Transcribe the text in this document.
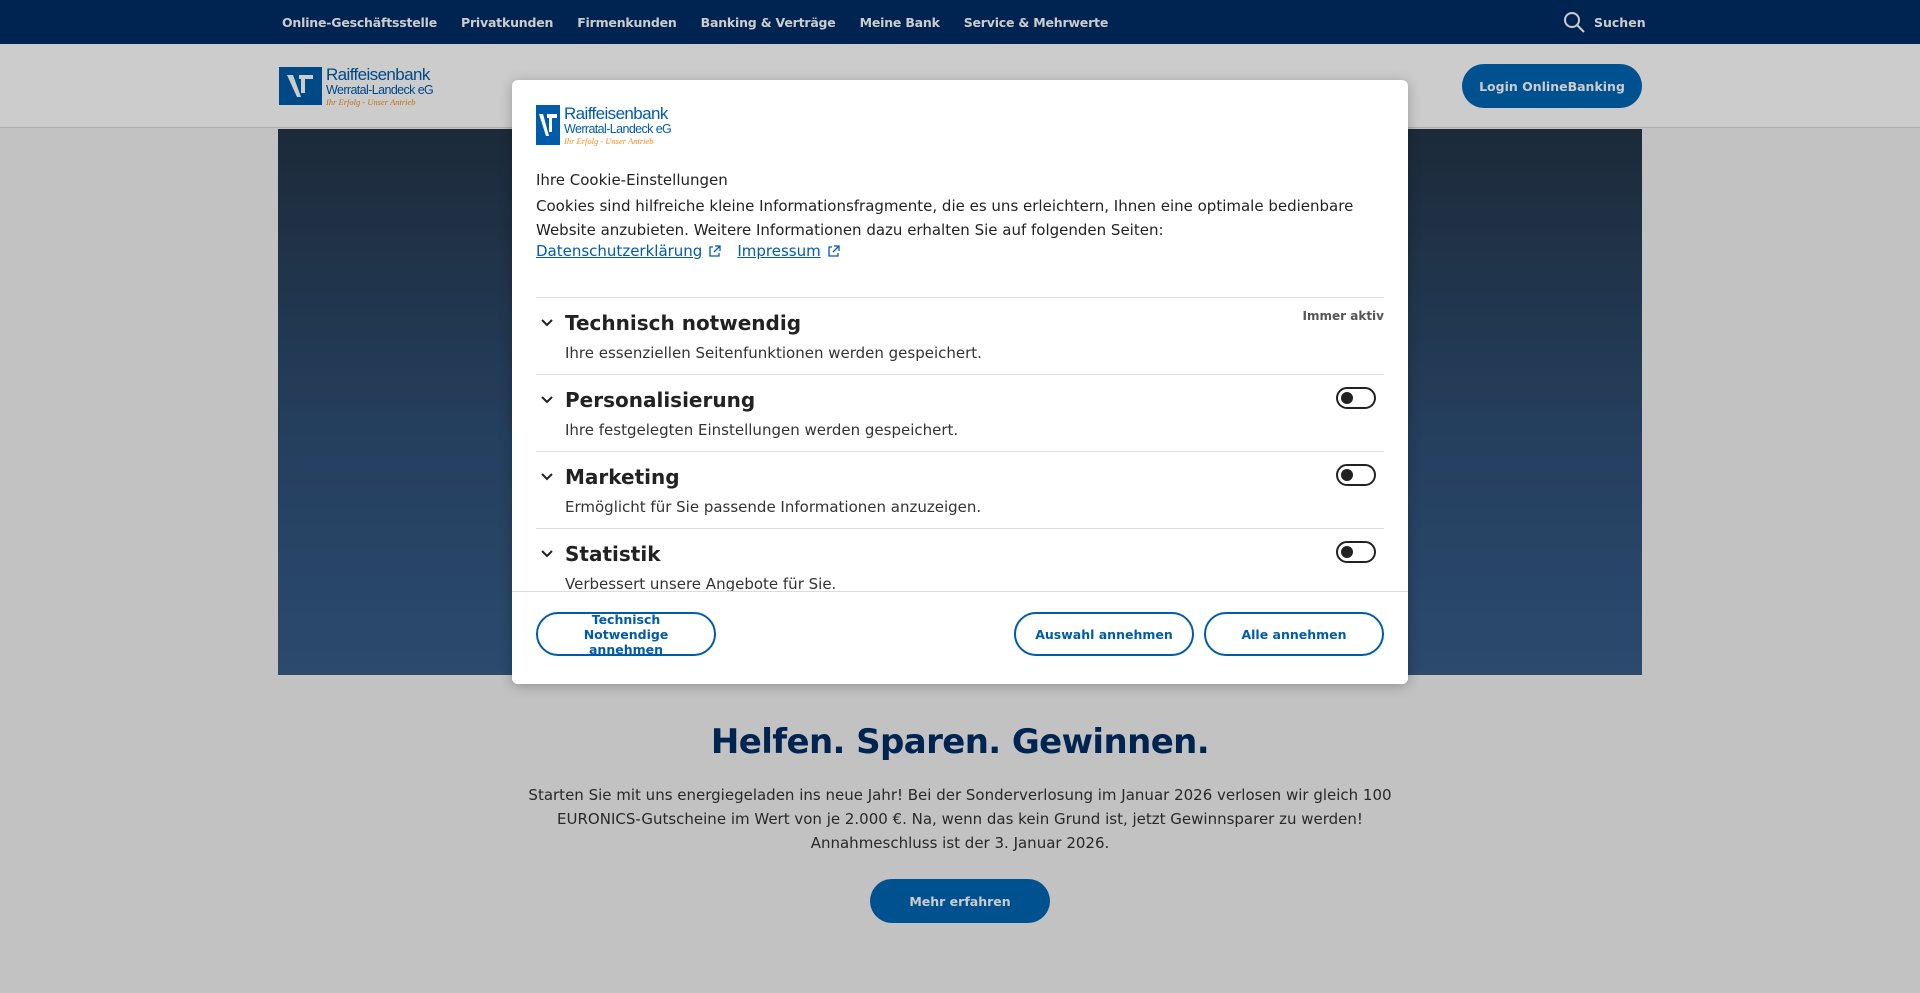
Online-Geschäftsstelle Privatkunden Firmenkunden Banking & Verträge Meine Bank Service & Mehrwerte	Suchen
Raiffeisenbank
Werratal-Landeck eG
Ihr Erfolg - Unser Antrieb
Login OnlineBanking
Helfen. Sparen. Gewinnen.
Starten Sie mit uns energiegeladen ins neue Jahr! Bei der Sonderverlosung im Januar 2026 verlosen wir gleich 100 EURONICS-Gutscheine im Wert von je 2.000 €. Na, wenn das kein Grund ist, jetzt Gewinnsparer zu werden! Annahmeschluss ist der 3. Januar 2026.
Mehr erfahren
Raiffeisenbank
Werratal-Landeck eG
Ihr Erfolg - Unser Antrieb
Ihre Cookie-Einstellungen
Cookies sind hilfreiche kleine Informationsfragmente, die es uns erleichtern, Ihnen eine optimale bedienbare Website anzubieten. Weitere Informationen dazu erhalten Sie auf folgenden Seiten:
Datenschutzerklärung Impressum
Technisch notwendig
Ihre essenziellen Seitenfunktionen werden gespeichert.
Immer aktiv
Personalisierung
Ihre festgelegten Einstellungen werden gespeichert.
Marketing
Ermöglicht für Sie passende Informationen anzuzeigen.
Statistik
Verbessert unsere Angebote für Sie.
Technisch Notwendige annehmen
Auswahl annehmen	Alle annehmen
